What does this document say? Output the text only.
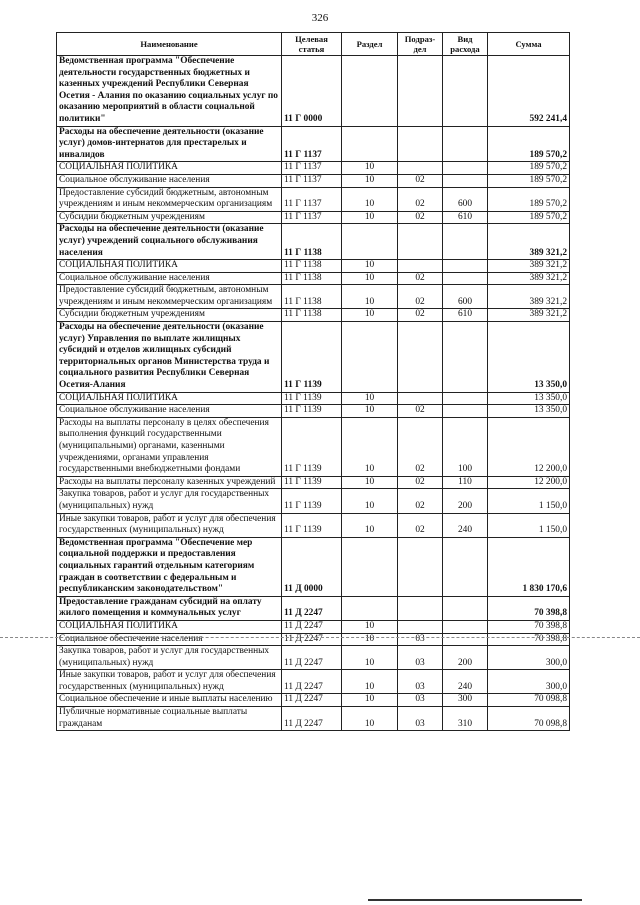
326
Наименование	Целевая статья	Раздел	Подраз-дел	Вид расхода	Сумма
Ведомственная программа "Обеспечение деятельности государственных бюджетных и казенных учреждений Республики Северная Осетия - Алания по оказанию социальных услуг по оказанию мероприятий в области социальной политики"	11 Г 0000				592 241,4
Расходы на обеспечение деятельности (оказание услуг) домов-интернатов для престарелых и инвалидов	11 Г 1137				189 570,2
СОЦИАЛЬНАЯ ПОЛИТИКА	11 Г 1137	10			189 570,2
Социальное обслуживание населения	11 Г 1137	10	02		189 570,2
Предоставление субсидий бюджетным, автономным учреждениям и иным некоммерческим организациям	11 Г 1137	10	02	600	189 570,2
Субсидии бюджетным учреждениям	11 Г 1137	10	02	610	189 570,2
Расходы на обеспечение деятельности (оказание услуг) учреждений социального обслуживания населения	11 Г 1138				389 321,2
СОЦИАЛЬНАЯ ПОЛИТИКА	11 Г 1138	10			389 321,2
Социальное обслуживание населения	11 Г 1138	10	02		389 321,2
Предоставление субсидий бюджетным, автономным учреждениям и иным некоммерческим организациям	11 Г 1138	10	02	600	389 321,2
Субсидии бюджетным учреждениям	11 Г 1138	10	02	610	389 321,2
Расходы на обеспечение деятельности (оказание услуг) Управления по выплате жилищных субсидий и отделов жилищных субсидий территориальных органов Министерства труда и социального развития Республики Северная Осетия-Алания	11 Г 1139				13 350,0
СОЦИАЛЬНАЯ ПОЛИТИКА	11 Г 1139	10			13 350,0
Социальное обслуживание населения	11 Г 1139	10	02		13 350,0
Расходы на выплаты персоналу в целях обеспечения выполнения функций государственными (муниципальными) органами, казенными учреждениями, органами управления государственными внебюджетными фондами	11 Г 1139	10	02	100	12 200,0
Расходы на выплаты персоналу казенных учреждений	11 Г 1139	10	02	110	12 200,0
Закупка товаров, работ и услуг для государственных (муниципальных) нужд	11 Г 1139	10	02	200	1 150,0
Иные закупки товаров, работ и услуг для обеспечения государственных (муниципальных) нужд	11 Г 1139	10	02	240	1 150,0
Ведомственная программа "Обеспечение мер социальной поддержки и предоставления социальных гарантий отдельным категориям граждан в соответствии с федеральным и республиканским законодательством"	11 Д 0000				1 830 170,6
Предоставление гражданам субсидий на оплату жилого помещения и коммунальных услуг	11 Д 2247				70 398,8
СОЦИАЛЬНАЯ ПОЛИТИКА	11 Д 2247	10			70 398,8
Социальное обеспечение населения	11 Д 2247	10	03		70 398,8
Закупка товаров, работ и услуг для государственных (муниципальных) нужд	11 Д 2247	10	03	200	300,0
Иные закупки товаров, работ и услуг для обеспечения государственных (муниципальных) нужд	11 Д 2247	10	03	240	300,0
Социальное обеспечение и иные выплаты населению	11 Д 2247	10	03	300	70 098,8
Публичные нормативные социальные выплаты гражданам	11 Д 2247	10	03	310	70 098,8
